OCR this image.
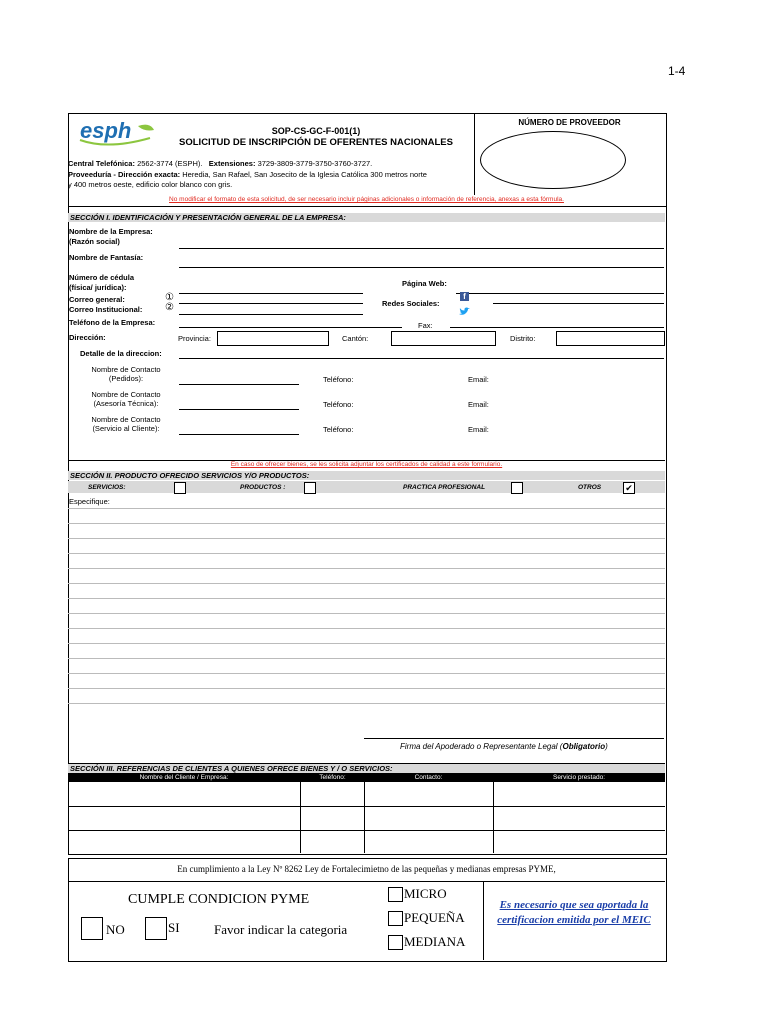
1-4
esph	SOP-CS-GC-F-001(1)
SOLICITUD DE INSCRIPCIÓN DE OFERENTES NACIONALES
NÚMERO DE PROVEEDOR
Central Telefónica: 2562-3774 (ESPH). Extensiones: 3729-3809-3779-3750-3760-3727.
Proveeduría - Dirección exacta: Heredia, San Rafael, San Josecito de la Iglesia Católica 300 metros norte
y 400 metros oeste, edificio color blanco con gris.
No modificar el formato de esta solicitud, de ser necesario incluir páginas adicionales o información de referencia, anexas a esta fórmula.
SECCIÓN I. IDENTIFICACIÓN Y PRESENTACIÓN GENERAL DE LA EMPRESA:
Nombre de la Empresa:
(Razón social)
Nombre de Fantasía:
Número de cédula
(física/ jurídica):	Página Web:
Correo general:	①
Correo Institucional: ②	Redes Sociales:
f
Teléfono de la Empresa:	Fax:
Dirección:	Provincia:	Cantón:	Distrito:
Detalle de la direccion:
Nombre de Contacto
(Pedidos):	Teléfono:	Email:
Nombre de Contacto
(Asesoría Técnica):	Teléfono:	Email:
Nombre de Contacto
(Servicio al Cliente):	Teléfono:	Email:
En caso de ofrecer bienes, se les solicita adjuntar los certificados de calidad a este formulario.
SECCIÓN II. PRODUCTO OFRECIDO SERVICIOS Y/O PRODUCTOS:
SERVICIOS:	PRODUCTOS :	PRACTICA PROFESIONAL	OTROS	✔
Especifique:
Firma del Apoderado o Representante Legal (Obligatorio)
SECCIÓN III. REFERENCIAS DE CLIENTES A QUIENES OFRECE BIENES Y / O SERVICIOS:
Nombre del Cliente / Empresa:	Teléfono:	Contacto:	Servicio prestado:
En cumplimiento a la Ley Nº 8262 Ley de Fortalecimietno de las pequeñas y medianas empresas PYME,
CUMPLE CONDICION PYME
NO	SI	Favor indicar la categoria
MICRO
PEQUEÑA
MEDIANA
Es necesario que sea aportada la certificacion emitida por el MEIC
